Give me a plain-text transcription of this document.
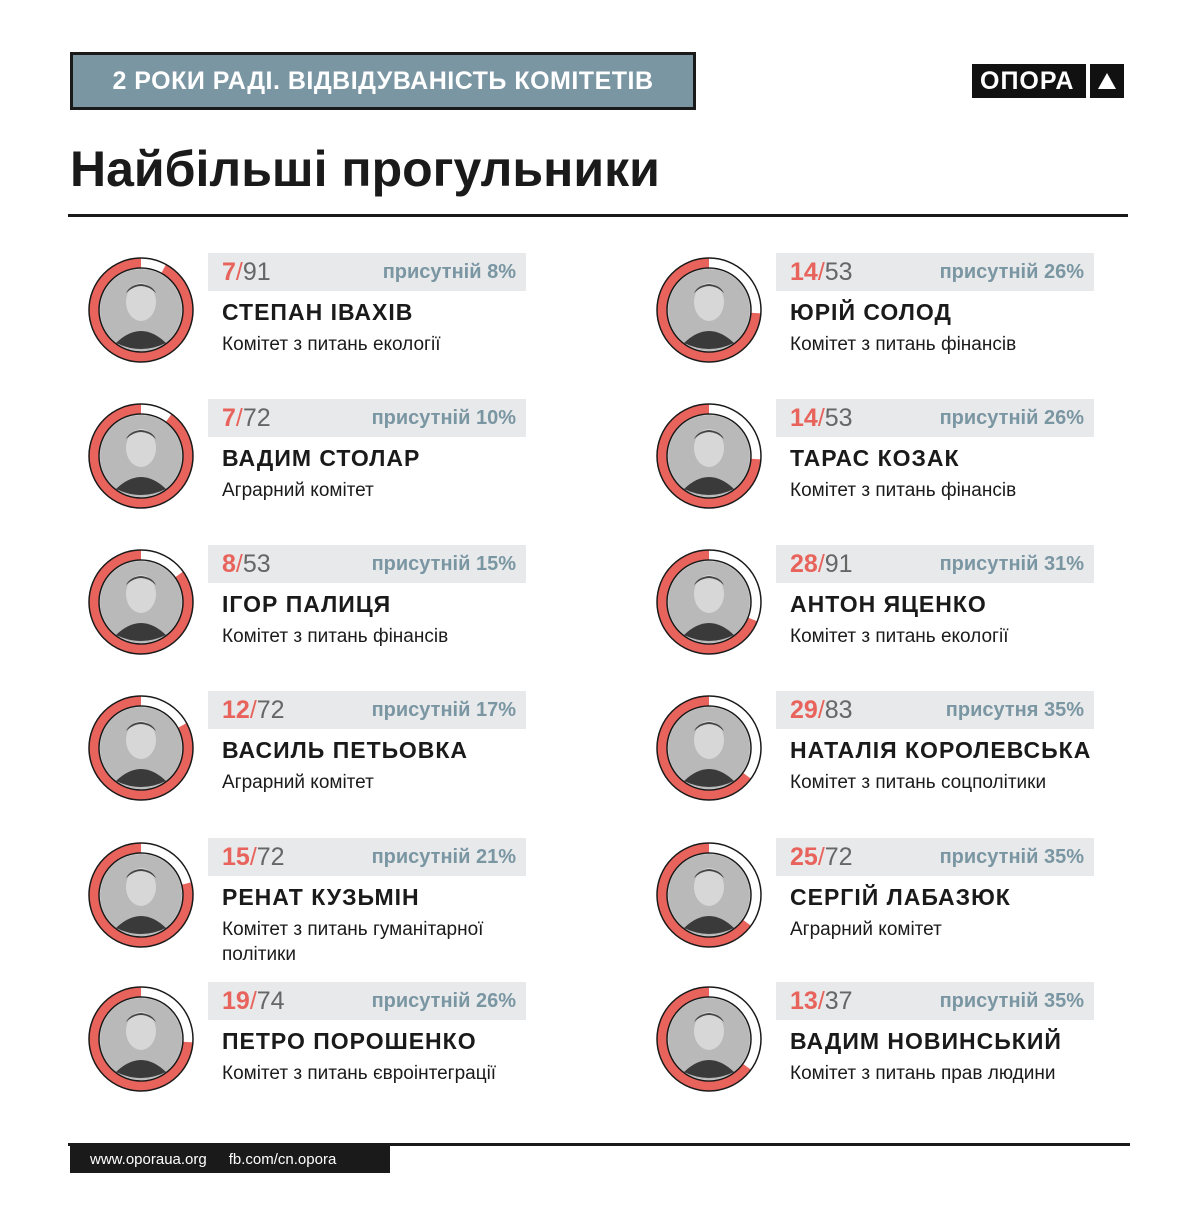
2 РОКИ РАДІ. ВІДВІДУВАНІСТЬ КОМІТЕТІВ	ОПОРА
Найбільші прогульники
7/91	присутній 8%
СТЕПАН ІВАХІВ
Комітет з питань екології
7/72	присутній 10%
ВАДИМ СТОЛАР
Аграрний комітет
8/53	присутній 15%
ІГОР ПАЛИЦЯ
Комітет з питань фінансів
12/72	присутній 17%
ВАСИЛЬ ПЕТЬОВКА
Аграрний комітет
15/72	присутній 21%
РЕНАТ КУЗЬМІН
Комітет з питань гуманітарної політики
19/74	присутній 26%
ПЕТРО ПОРОШЕНКО
Комітет з питань євроінтеграції
14/53	присутній 26%
ЮРІЙ СОЛОД
Комітет з питань фінансів
14/53	присутній 26%
ТАРАС КОЗАК
Комітет з питань фінансів
28/91	присутній 31%
АНТОН ЯЦЕНКО
Комітет з питань екології
29/83	присутня 35%
НАТАЛІЯ КОРОЛЕВСЬКА
Комітет з питань соцполітики
25/72	присутній 35%
СЕРГІЙ ЛАБАЗЮК
Аграрний комітет
13/37	присутній 35%
ВАДИМ НОВИНСЬКИЙ
Комітет з питань прав людини
www.oporaua.org fb.com/cn.opora
